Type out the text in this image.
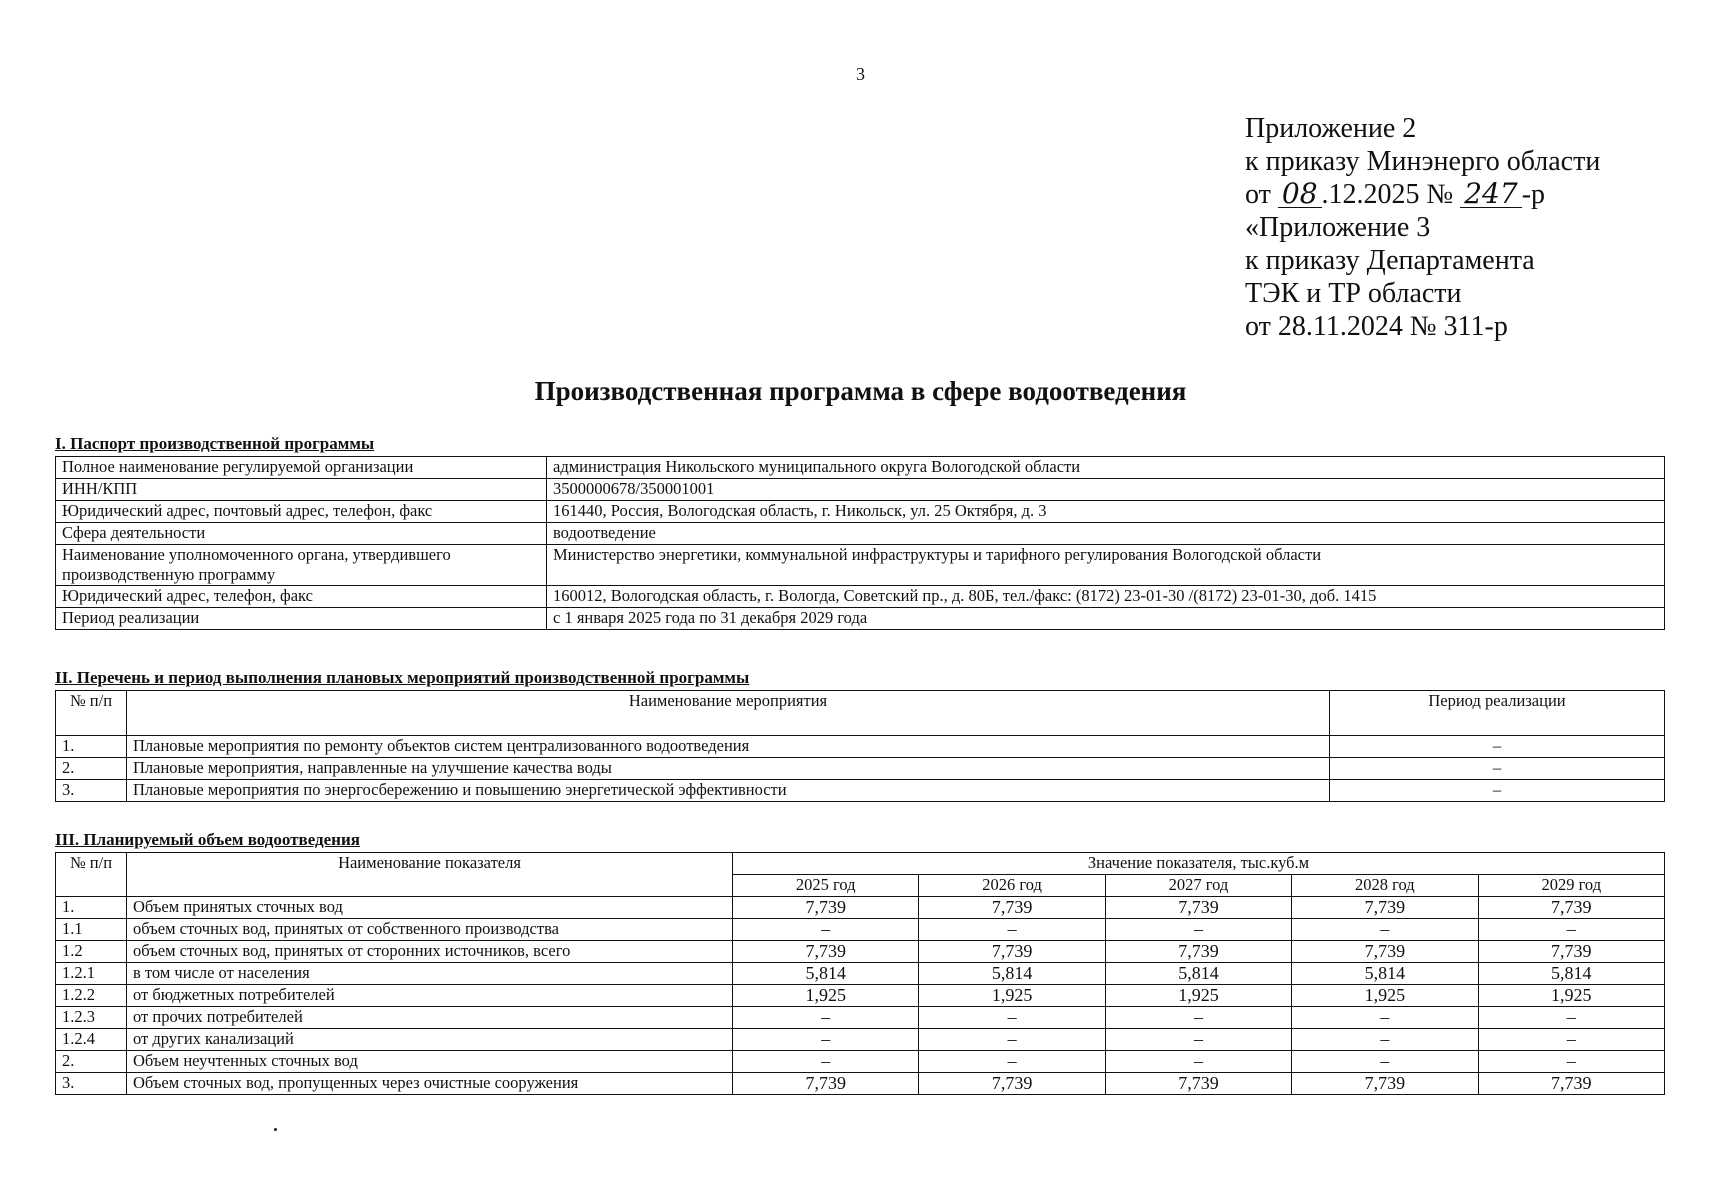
3
Приложение 2
к приказу Минэнерго области
от 08 .12.2025 № 247 -р
«Приложение 3
к приказу Департамента
ТЭК и ТР области
от 28.11.2024 № 311-р
Производственная программа в сфере водоотведения
I. Паспорт производственной программы
Полное наименование регулируемой организации	администрация Никольского муниципального округа Вологодской области
ИНН/КПП	3500000678/350001001
Юридический адрес, почтовый адрес, телефон, факс	161440, Россия, Вологодская область, г. Никольск, ул. 25 Октября, д. 3
Сфера деятельности	водоотведение
Наименование уполномоченного органа, утвердившего производственную программу	Министерство энергетики, коммунальной инфраструктуры и тарифного регулирования Вологодской области
Юридический адрес, телефон, факс	160012, Вологодская область, г. Вологда, Советский пр., д. 80Б, тел./факс: (8172) 23-01-30 /(8172) 23-01-30, доб. 1415
Период реализации	с 1 января 2025 года по 31 декабря 2029 года
II. Перечень и период выполнения плановых мероприятий производственной программы
№ п/п	Наименование мероприятия	Период реализации
1.	Плановые мероприятия по ремонту объектов систем централизованного водоотведения	–
2.	Плановые мероприятия, направленные на улучшение качества воды	–
3.	Плановые мероприятия по энергосбережению и повышению энергетической эффективности	–
III. Планируемый объем водоотведения
№ п/п	Наименование показателя	Значение показателя, тыс.куб.м				
		2025 год	2026 год	2027 год	2028 год	2029 год
1.	Объем принятых сточных вод	7,739	7,739	7,739	7,739	7,739
1.1	объем сточных вод, принятых от собственного производства	–	–	–	–	–
1.2	объем сточных вод, принятых от сторонних источников, всего	7,739	7,739	7,739	7,739	7,739
1.2.1	в том числе от населения	5,814	5,814	5,814	5,814	5,814
1.2.2	от бюджетных потребителей	1,925	1,925	1,925	1,925	1,925
1.2.3	от прочих потребителей	–	–	–	–	–
1.2.4	от других канализаций	–	–	–	–	–
2.	Объем неучтенных сточных вод	–	–	–	–	–
3.	Объем сточных вод, пропущенных через очистные сооружения	7,739	7,739	7,739	7,739	7,739
